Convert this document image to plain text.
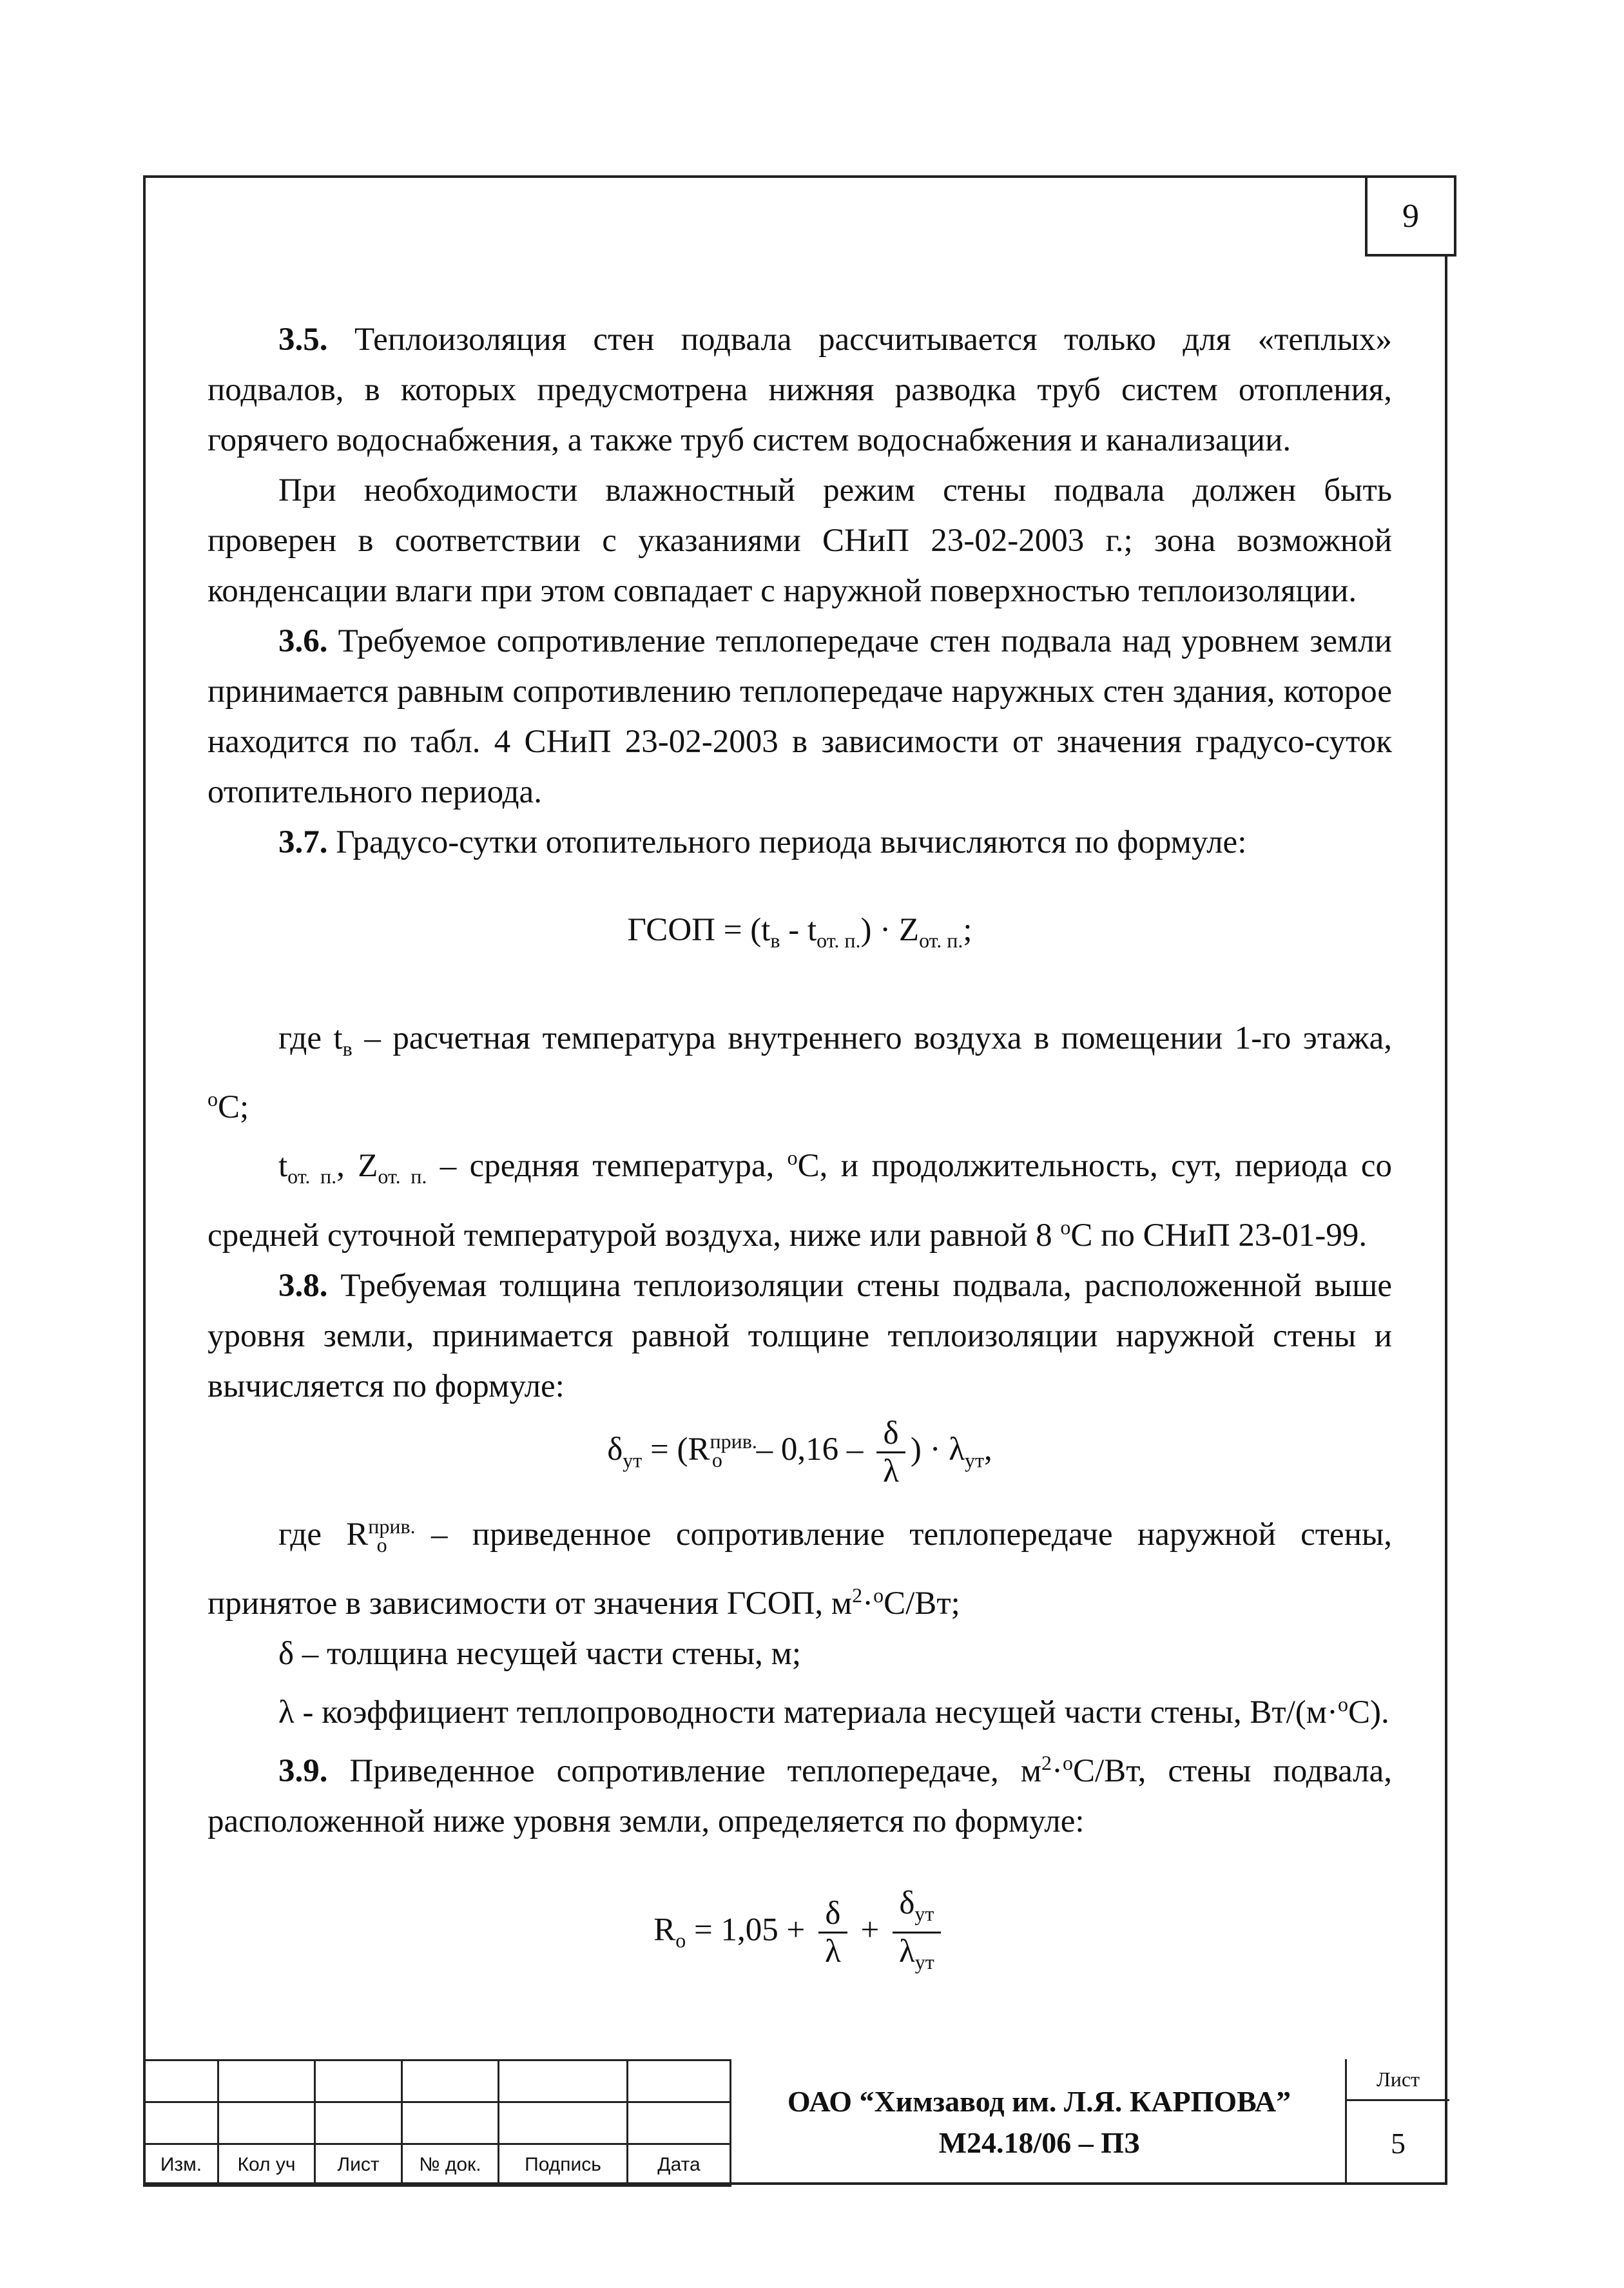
9

3.5. Теплоизоляция стен подвала рассчитывается только для «теплых» подвалов, в которых предусмотрена нижняя разводка труб систем отопления, горячего водоснабжения, а также труб систем водоснабжения и канализации.

При необходимости влажностный режим стены подвала должен быть проверен в соответствии с указаниями СНиП 23-02-2003 г.; зона возможной конденсации влаги при этом совпадает с наружной поверхностью теплоизоляции.

3.6. Требуемое сопротивление теплопередаче стен подвала над уровнем земли принимается равным сопротивлению теплопередаче наружных стен здания, которое находится по табл. 4 СНиП 23-02-2003 в зависимости от значения градусо-суток отопительного периода.

3.7. Градусо-сутки отопительного периода вычисляются по формуле:

ГСОП = $(t_в - t_{от. п.}) \cdot Z_{от. п.}$;

где $t_в$ – расчетная температура внутреннего воздуха в помещении 1-го этажа, $^o$C;

$t_{от. п.}$, $Z_{от. п.}$ – средняя температура, $^o$C, и продолжительность, сут, периода со средней суточной температурой воздуха, ниже или равной 8 $^o$C по СНиП 23-01-99.

3.8. Требуемая толщина теплоизоляции стены подвала, расположенной выше уровня земли, принимается равной толщине теплоизоляции наружной стены и вычисляется по формуле:

$\delta_{ут} = (R^{прив.}_о - 0,16 - \frac{\delta}{\lambda}$ ) · $\lambda_{ут}$,

где $R^{прив.}_о$ – приведенное сопротивление теплопередаче наружной стены, принятое в зависимости от значения ГСОП, $м^2\cdot^oC/Вт$;

δ – толщина несущей части стены, м;

λ - коэффициент теплопроводности материала несущей части стены, Вт/(м·$^o$C).

3.9. Приведенное сопротивление теплопередаче, $м^2\cdot^oC/Вт$, стены подвала, расположенной ниже уровня земли, определяется по формуле:

$R_о = 1,05 + \frac{\delta}{\lambda} + \frac{\delta_{ут}}{\lambda_{ут}}$

Изм.	Кол уч	Лист	№ док.	Подпись	Дата
ОАО “Химзавод им. Л.Я. КАРПОВА”
М24.18/06 – ПЗ
Лист
5
